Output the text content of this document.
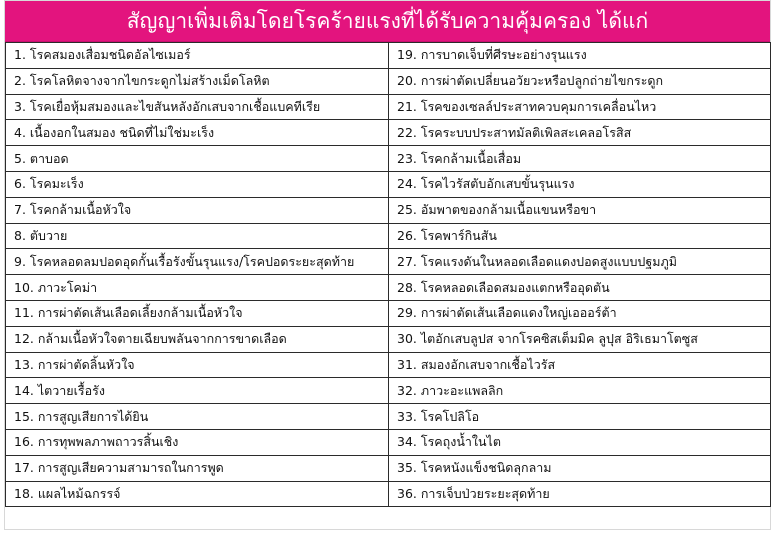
สัญญาเพิ่มเติมโดยโรคร้ายแรงที่ได้รับความคุ้มครอง ได้แก่
1. โรคสมองเสื่อมชนิดอัลไซเมอร์	19. การบาดเจ็บที่ศีรษะอย่างรุนแรง
2. โรคโลหิตจางจากไขกระดูกไม่สร้างเม็ดโลหิต	20. การผ่าตัดเปลี่ยนอวัยวะหรือปลูกถ่ายไขกระดูก
3. โรคเยื่อหุ้มสมองและไขสันหลังอักเสบจากเชื้อแบคทีเรีย	21. โรคของเซลล์ประสาทควบคุมการเคลื่อนไหว
4. เนื้องอกในสมอง ชนิดที่ไม่ใช่มะเร็ง	22. โรคระบบประสาทมัลติเพิลสะเคลอโรสิส
5. ตาบอด	23. โรคกล้ามเนื้อเสื่อม
6. โรคมะเร็ง	24. โรคไวรัสตับอักเสบขั้นรุนแรง
7. โรคกล้ามเนื้อหัวใจ	25. อัมพาตของกล้ามเนื้อแขนหรือขา
8. ตับวาย	26. โรคพาร์กินสัน
9. โรคหลอดลมปอดอุดกั้นเรื้อรังขั้นรุนแรง/โรคปอดระยะสุดท้าย	27. โรคแรงดันในหลอดเลือดแดงปอดสูงแบบปฐมภูมิ
10. ภาวะโคม่า	28. โรคหลอดเลือดสมองแตกหรืออุดตัน
11. การผ่าตัดเส้นเลือดเลี้ยงกล้ามเนื้อหัวใจ	29. การผ่าตัดเส้นเลือดแดงใหญ่เอออร์ต้า
12. กล้ามเนื้อหัวใจตายเฉียบพลันจากการขาดเลือด	30. ไตอักเสบลูปส จากโรคซิสเต็มมิค ลูปุส อิริเธมาโตซูส
13. การผ่าตัดลิ้นหัวใจ	31. สมองอักเสบจากเชื้อไวรัส
14. ไตวายเรื้อรัง	32. ภาวะอะแพลลิก
15. การสูญเสียการได้ยิน	33. โรคโปลิโอ
16. การทุพพลภาพถาวรสิ้นเชิง	34. โรคถุงน้ำในไต
17. การสูญเสียความสามารถในการพูด	35. โรคหนังแข็งชนิดลุกลาม
18. แผลไหม้ฉกรรจ์	36. การเจ็บป่วยระยะสุดท้าย
